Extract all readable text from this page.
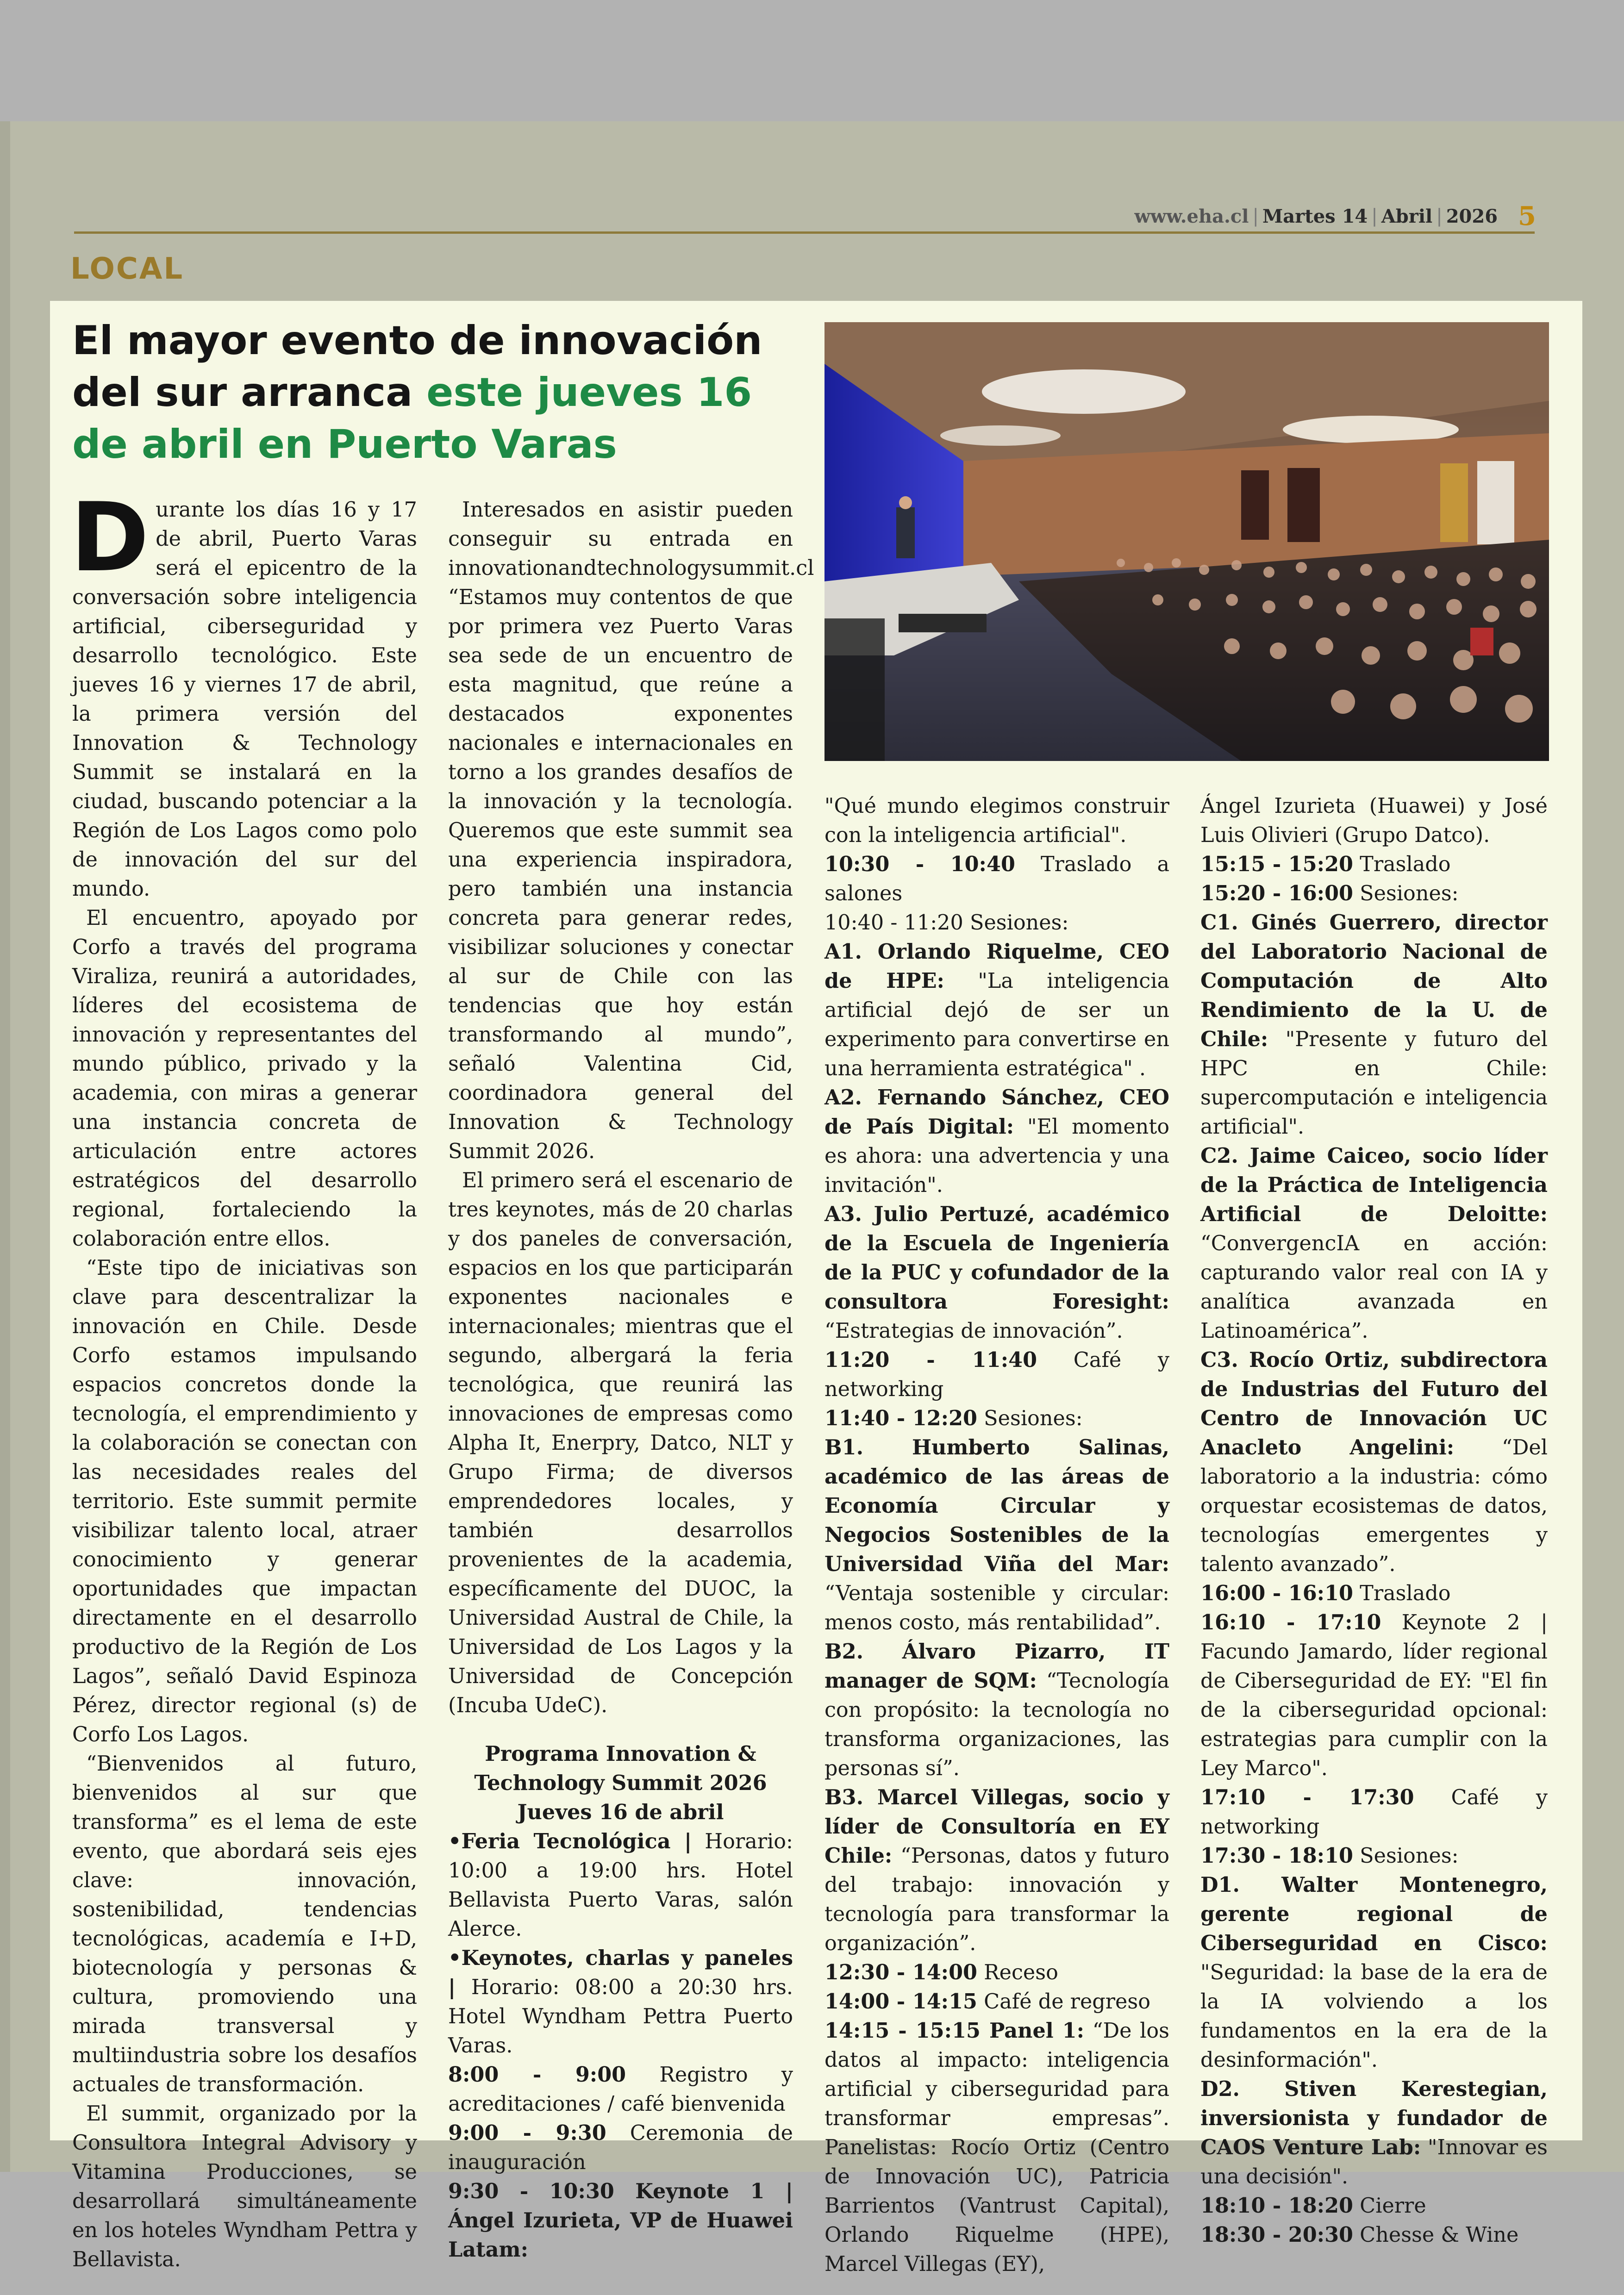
www.eha.cl | Martes 14 | Abril | 2026 5
LOCAL
El mayor evento de innovación del sur arranca este jueves 16 de abril en Puerto Varas

Durante los días 16 y 17 de abril, Puerto Varas será el epicentro de la conversación sobre inteligencia artificial, ciberseguridad y desarrollo tecnológico. Este jueves 16 y viernes 17 de abril, la primera versión del Innovation & Technology Summit se instalará en la ciudad, buscando potenciar a la Región de Los Lagos como polo de innovación del sur del mundo.

El encuentro, apoyado por Corfo a través del programa Viraliza, reunirá a autoridades, líderes del ecosistema de innovación y representantes del mundo público, privado y la academia, con miras a generar una instancia concreta de articulación entre actores estratégicos del desarrollo regional, fortaleciendo la colaboración entre ellos.

“Este tipo de iniciativas son clave para descentralizar la innovación en Chile. Desde Corfo estamos impulsando espacios concretos donde la tecnología, el emprendimiento y la colaboración se conectan con las necesidades reales del territorio. Este summit permite visibilizar talento local, atraer conocimiento y generar oportunidades que impactan directamente en el desarrollo productivo de la Región de Los Lagos”, señaló David Espinoza Pérez, director regional (s) de Corfo Los Lagos.

“Bienvenidos al futuro, bienvenidos al sur que transforma” es el lema de este evento, que abordará seis ejes clave: innovación, sostenibilidad, tendencias tecnológicas, academía e I+D, biotecnología y personas & cultura, promoviendo una mirada transversal y multiindustria sobre los desafíos actuales de transformación.

El summit, organizado por la Consultora Integral Advisory y Vitamina Producciones, se desarrollará simultáneamente en los hoteles Wyndham Pettra y Bellavista.

Interesados en asistir pueden conseguir su entrada en innovationandtechnologysummit.cl

“Estamos muy contentos de que por primera vez Puerto Varas sea sede de un encuentro de esta magnitud, que reúne a destacados exponentes nacionales e internacionales en torno a los grandes desafíos de la innovación y la tecnología. Queremos que este summit sea una experiencia inspiradora, pero también una instancia concreta para generar redes, visibilizar soluciones y conectar al sur de Chile con las tendencias que hoy están transformando al mundo”, señaló Valentina Cid, coordinadora general del Innovation & Technology Summit 2026.

El primero será el escenario de tres keynotes, más de 20 charlas y dos paneles de conversación, espacios en los que participarán exponentes nacionales e internacionales; mientras que el segundo, albergará la feria tecnológica, que reunirá las innovaciones de empresas como Alpha It, Enerpry, Datco, NLT y Grupo Firma; de diversos emprendedores locales, y también desarrollos provenientes de la academia, específicamente del DUOC, la Universidad Austral de Chile, la Universidad de Los Lagos y la Universidad de Concepción (Incuba UdeC).

Programa Innovation &
Technology Summit 2026

Jueves 16 de abril

•Feria Tecnológica | Horario: 10:00 a 19:00 hrs. Hotel Bellavista Puerto Varas, salón Alerce.

•Keynotes, charlas y paneles | Horario: 08:00 a 20:30 hrs. Hotel Wyndham Pettra Puerto Varas.

8:00 - 9:00 Registro y acreditaciones / café bienvenida

9:00 - 9:30 Ceremonia de inauguración

9:30 - 10:30 Keynote 1 | Ángel Izurieta, VP de Huawei Latam:

"Qué mundo elegimos construir con la inteligencia artificial".

10:30 - 10:40 Traslado a salones

10:40 - 11:20 Sesiones:

A1. Orlando Riquelme, CEO de HPE: "La inteligencia artificial dejó de ser un experimento para convertirse en una herramienta estratégica" .

A2. Fernando Sánchez, CEO de País Digital: "El momento es ahora: una advertencia y una invitación".

A3. Julio Pertuzé, académico de la Escuela de Ingeniería de la PUC y cofundador de la consultora Foresight: “Estrategias de innovación”.

11:20 - 11:40 Café y networking

11:40 - 12:20 Sesiones:

B1. Humberto Salinas, académico de las áreas de Economía Circular y Negocios Sostenibles de la Universidad Viña del Mar: “Ventaja sostenible y circular: menos costo, más rentabilidad”.

B2. Álvaro Pizarro, IT manager de SQM: “Tecnología con propósito: la tecnología no transforma organizaciones, las personas sí”.

B3. Marcel Villegas, socio y líder de Consultoría en EY Chile: “Personas, datos y futuro del trabajo: innovación y tecnología para transformar la organización”.

12:30 - 14:00 Receso

14:00 - 14:15 Café de regreso

14:15 - 15:15 Panel 1: “De los datos al impacto: inteligencia artificial y ciberseguridad para transformar empresas”. Panelistas: Rocío Ortiz (Centro de Innovación UC), Patricia Barrientos (Vantrust Capital), Orlando Riquelme (HPE), Marcel Villegas (EY),

Ángel Izurieta (Huawei) y José Luis Olivieri (Grupo Datco).

15:15 - 15:20 Traslado

15:20 - 16:00 Sesiones:

C1. Ginés Guerrero, director del Laboratorio Nacional de Computación de Alto Rendimiento de la U. de Chile: "Presente y futuro del HPC en Chile: supercomputación e inteligencia artificial".

C2. Jaime Caiceo, socio líder de la Práctica de Inteligencia Artificial de Deloitte: “ConvergencIA en acción: capturando valor real con IA y analítica avanzada en Latinoamérica”.

C3. Rocío Ortiz, subdirectora de Industrias del Futuro del Centro de Innovación UC Anacleto Angelini: “Del laboratorio a la industria: cómo orquestar ecosistemas de datos, tecnologías emergentes y talento avanzado”.

16:00 - 16:10 Traslado

16:10 - 17:10 Keynote 2 | Facundo Jamardo, líder regional de Ciberseguridad de EY: "El fin de la ciberseguridad opcional: estrategias para cumplir con la Ley Marco".

17:10 - 17:30 Café y networking

17:30 - 18:10 Sesiones:

D1. Walter Montenegro, gerente regional de Ciberseguridad en Cisco: "Seguridad: la base de la era de la IA volviendo a los fundamentos en la era de la desinformación".

D2. Stiven Kerestegian, inversionista y fundador de CAOS Venture Lab: "Innovar es una decisión".

18:10 - 18:20 Cierre

18:30 - 20:30 Chesse & Wine
